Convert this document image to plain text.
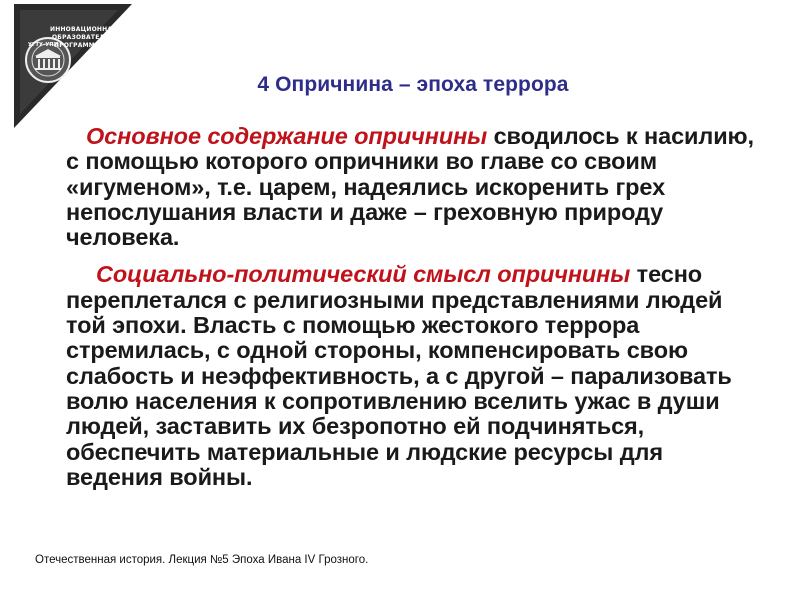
ИННОВАЦИОННАЯ
ОБРАЗОВАТЕЛЬНАЯ
ПРОГРАММА
УГТУ-УПИ
4 Опричнина – эпоха террора

Основное содержание опричнины сводилось к насилию, с помощью которого опричники во главе со своим «игуменом», т.е. царем, надеялись искоренить грех непослушания власти и даже – греховную природу человека.

Социально-политический смысл опричнины тесно переплетался с религиозными представлениями людей той эпохи. Власть с помощью жестокого террора стремилась, с одной стороны, компенсировать свою слабость и неэффективность, а с другой – парализовать волю населения к сопротивлению вселить ужас в души людей, заставить их безропотно ей подчиняться, обеспечить материальные и людские ресурсы для ведения войны.

Отечественная история. Лекция №5 Эпоха Ивана IV Грозного.
